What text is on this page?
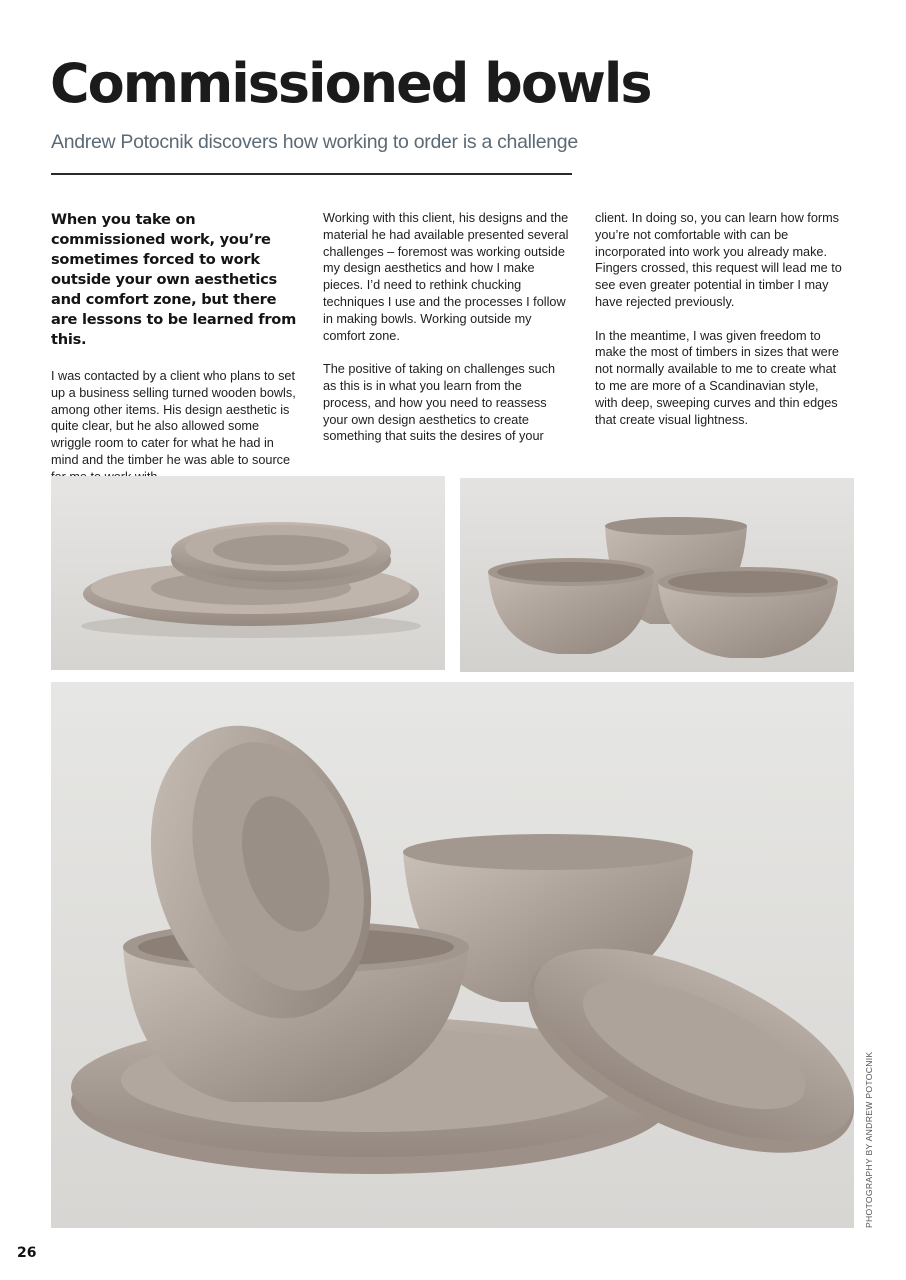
Commissioned bowls
Andrew Potocnik discovers how working to order is a challenge

When you take on commissioned work, you’re sometimes forced to work outside your own aesthetics and comfort zone, but there are lessons to be learned from this.

I was contacted by a client who plans to set up a business selling turned wooden bowls, among other items. His design aesthetic is quite clear, but he also allowed some wriggle room to cater for what he had in mind and the timber he was able to source

Working with this client, his designs and the material he had available presented several challenges – foremost was working outside my design aesthetics and how I make pieces. I’d need to rethink chucking techniques I use and the processes I follow in making bowls. Working outside my comfort zone.

The positive of taking on challenges such as this is in what you learn from the process, and how you need to reassess your own design aesthetics to create something that suits the desires of your

client. In doing so, you can learn how forms you’re not comfortable with can be incorporated into work you already make. Fingers crossed, this request will lead me to see even greater potential in timber I may have rejected previously.

In the meantime, I was given freedom to make the most of timbers in sizes that were not normally available to me to create what to me are more of a Scandinavian style, with deep, sweeping curves and thin edges that create visual lightness.

PHOTOGRAPHY BY ANDREW POTOCNIK
26
